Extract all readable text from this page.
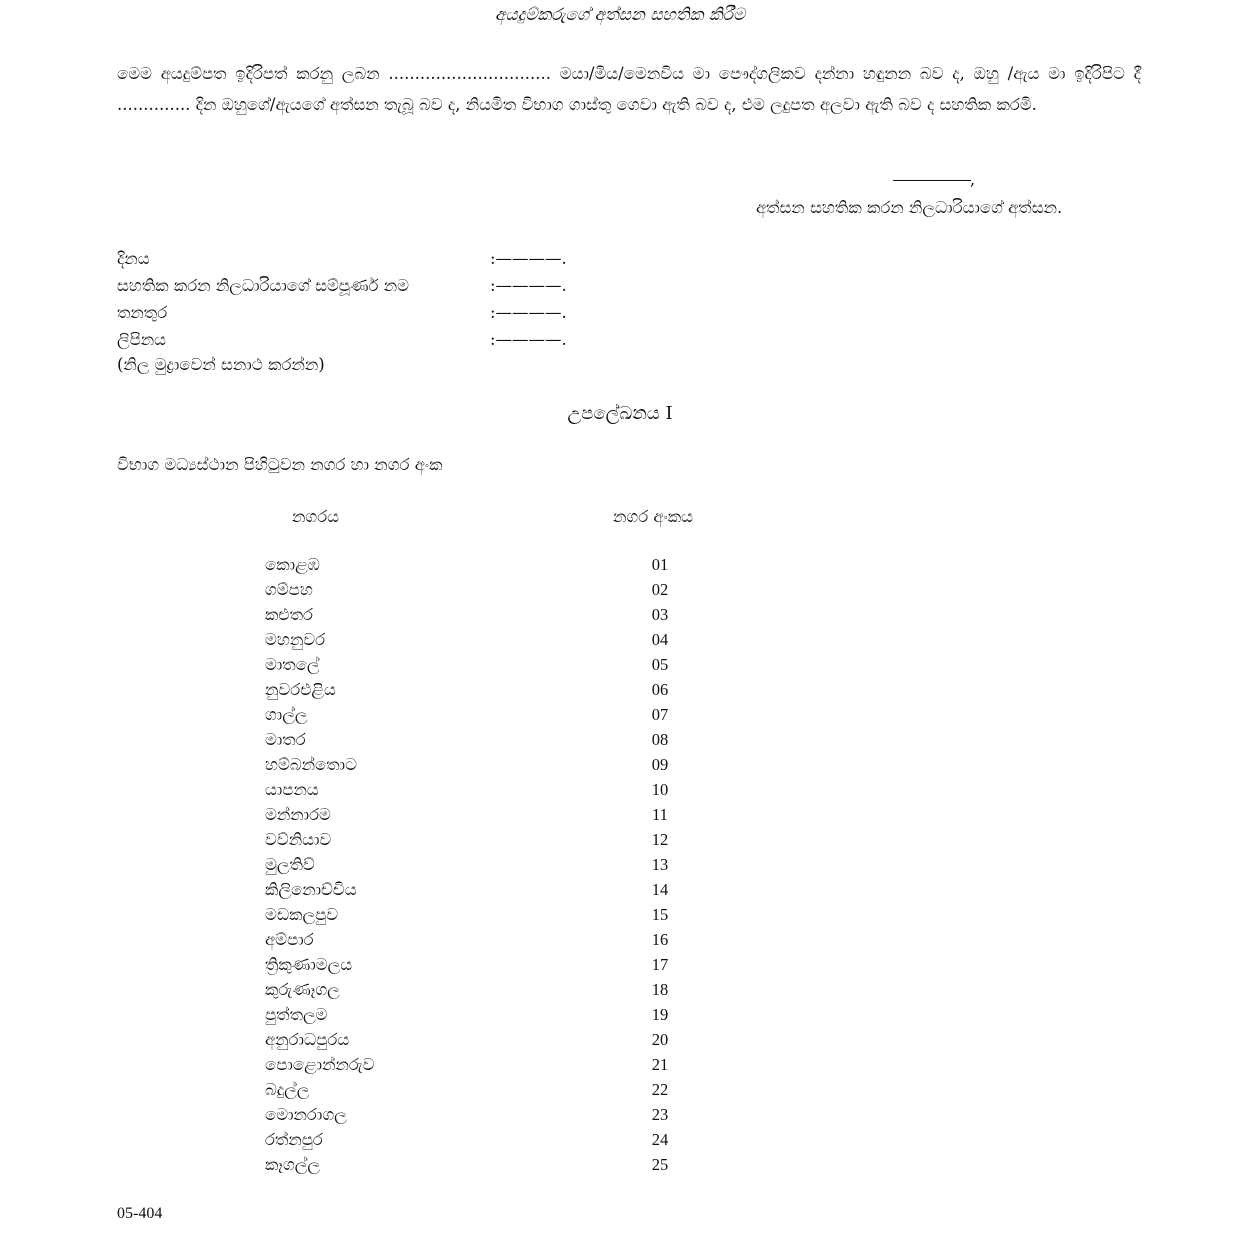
අයදුම්කරුගේ අත්සන සහතික කිරීම
මෙම අයදුම්පත ඉදිරිපත් කරනු ලබන ............................... මයා/මිය/මෙනවිය මා පෞද්ගලිකව දන්නා හඳුනන බව ද, ඔහු /ඇය මා ඉදිරිපිට දී .............. දින ඔහුගේ/ඇයගේ අත්සන තැබූ බව ද, නියමිත විභාග ගාස්තු ගෙවා ඇති බව ද, එම ලදුපත අලවා ඇති බව ද සහතික කරමි.
,
අත්සන සහතික කරන නිලධාරියාගේ අත්සන.
දිනය	:————.
සහතික කරන නිලධාරියාගේ සම්පූර්ණ නම	:————.
තනතුර	:————.
ලිපිනය	:————.
(නිල මුද්‍රාවෙන් සනාථ කරන්න)
උපලේඛනය I
විභාග මධ්‍යස්ථාන පිහිටුවන නගර හා නගර අංක
නගරය	නගර අංකය
කොළඹ	01
ගම්පහ	02
කළුතර	03
මහනුවර	04
මාතලේ	05
නුවරඑළිය	06
ගාල්ල	07
මාතර	08
හම්බන්තොට	09
යාපනය	10
මන්නාරම	11
වව්නියාව	12
මුලතිව්	13
කිලිනොච්චිය	14
මඩකලපුව	15
අම්පාර	16
ත්‍රිකුණාමලය	17
කුරුණෑගල	18
පුත්තලම	19
අනුරාධපුරය	20
පොළොන්නරුව	21
බදුල්ල	22
මොනරාගල	23
රත්නපුර	24
කෑගල්ල	25
05-404
